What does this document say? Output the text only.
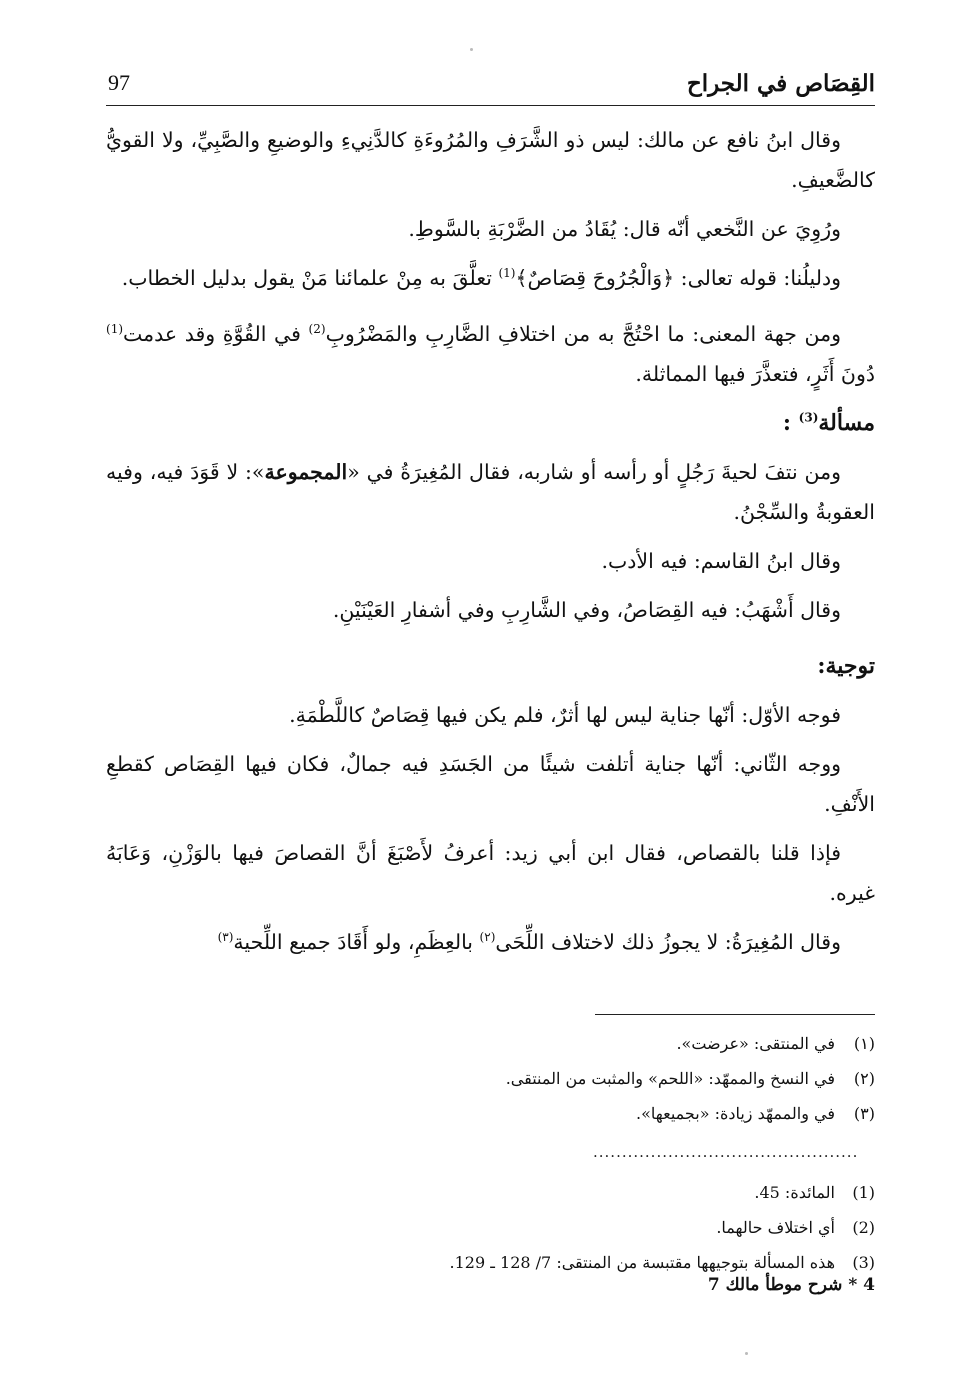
القِصَاص في الجراح
97

وقال ابنُ نافع عن مالك: ليس ذو الشَّرَفِ والمُرُوءَةِ كالدَّنِيءِ والوضيعِ والصَّبِيِّ، ولا القويُّ كالضَّعيفِ.

ورُوِيَ عن النَّخعي أنّه قال: يُقَادُ من الضَّرْبَةِ بالسَّوطِ.

ودليلُنا: قوله تعالى: ﴿وَالْجُرُوحَ قِصَاصٌ﴾$^{(1)}$ تعلَّقَ به مِنْ علمائنا مَنْ يقول بدليل الخطاب.

ومن جهة المعنى: ما احْتُجَّ به من اختلافِ الضَّارِبِ والمَضْرُوبِ$^{(2)}$ في القُوَّةِ وقد عدمت$^{(1)}$ دُونَ أَثَرٍ، فتعذَّرَ فيها المماثلة.

مسألة$^{(3)}$ :

ومن نتفَ لحيةَ رَجُلٍ أو رأسه أو شاربه، فقال المُغِيرَةُ في «المجموعة»: لا قَوَدَ فيه، وفيه العقوبةُ والسِّجْنُ.

وقال ابنُ القاسم: فيه الأدب.

وقال أَشْهَبُ: فيه القِصَاصُ، وفي الشَّارِبِ وفي أشفارِ العَيْنَيْنِ.

توجية:

فوجه الأوّل: أنّها جناية ليس لها أثرٌ، فلم يكن فيها قِصَاصٌ كاللَّطْمَةِ.

ووجه الثّاني: أنّها جناية أتلفت شيئًا من الجَسَدِ فيه جمالٌ، فكان فيها القِصَاص كقطعِ الأَنْفِ.

فإذا قلنا بالقصاص، فقال ابن أبي زيد: أعرفُ لأَصْبَغَ أنَّ القصاصَ فيها بالوَزْنِ، وَعَابَهُ غيره.

وقال المُغِيرَةُ: لا يجوزُ ذلك لاختلاف اللِّحَى$^{(٢)}$ بالعِظَمِ، ولو أَقَادَ جميع اللِّحية$^{(٣)}$

(١)
في المنتقى: «عرضت».
(٢)
في النسخ والممهّد: «اللحم» والمثبت من المنتقى.
(٣)
في والممهّد زيادة: «بجميعها».
..............................................
(1)
المائدة: 45.
(2)
أي اختلاف حالهما.
(3)
هذه المسألة بتوجيهها مقتبسة من المنتقى: 7/ 128 ـ 129.
4 * شرح موطأ مالك 7
